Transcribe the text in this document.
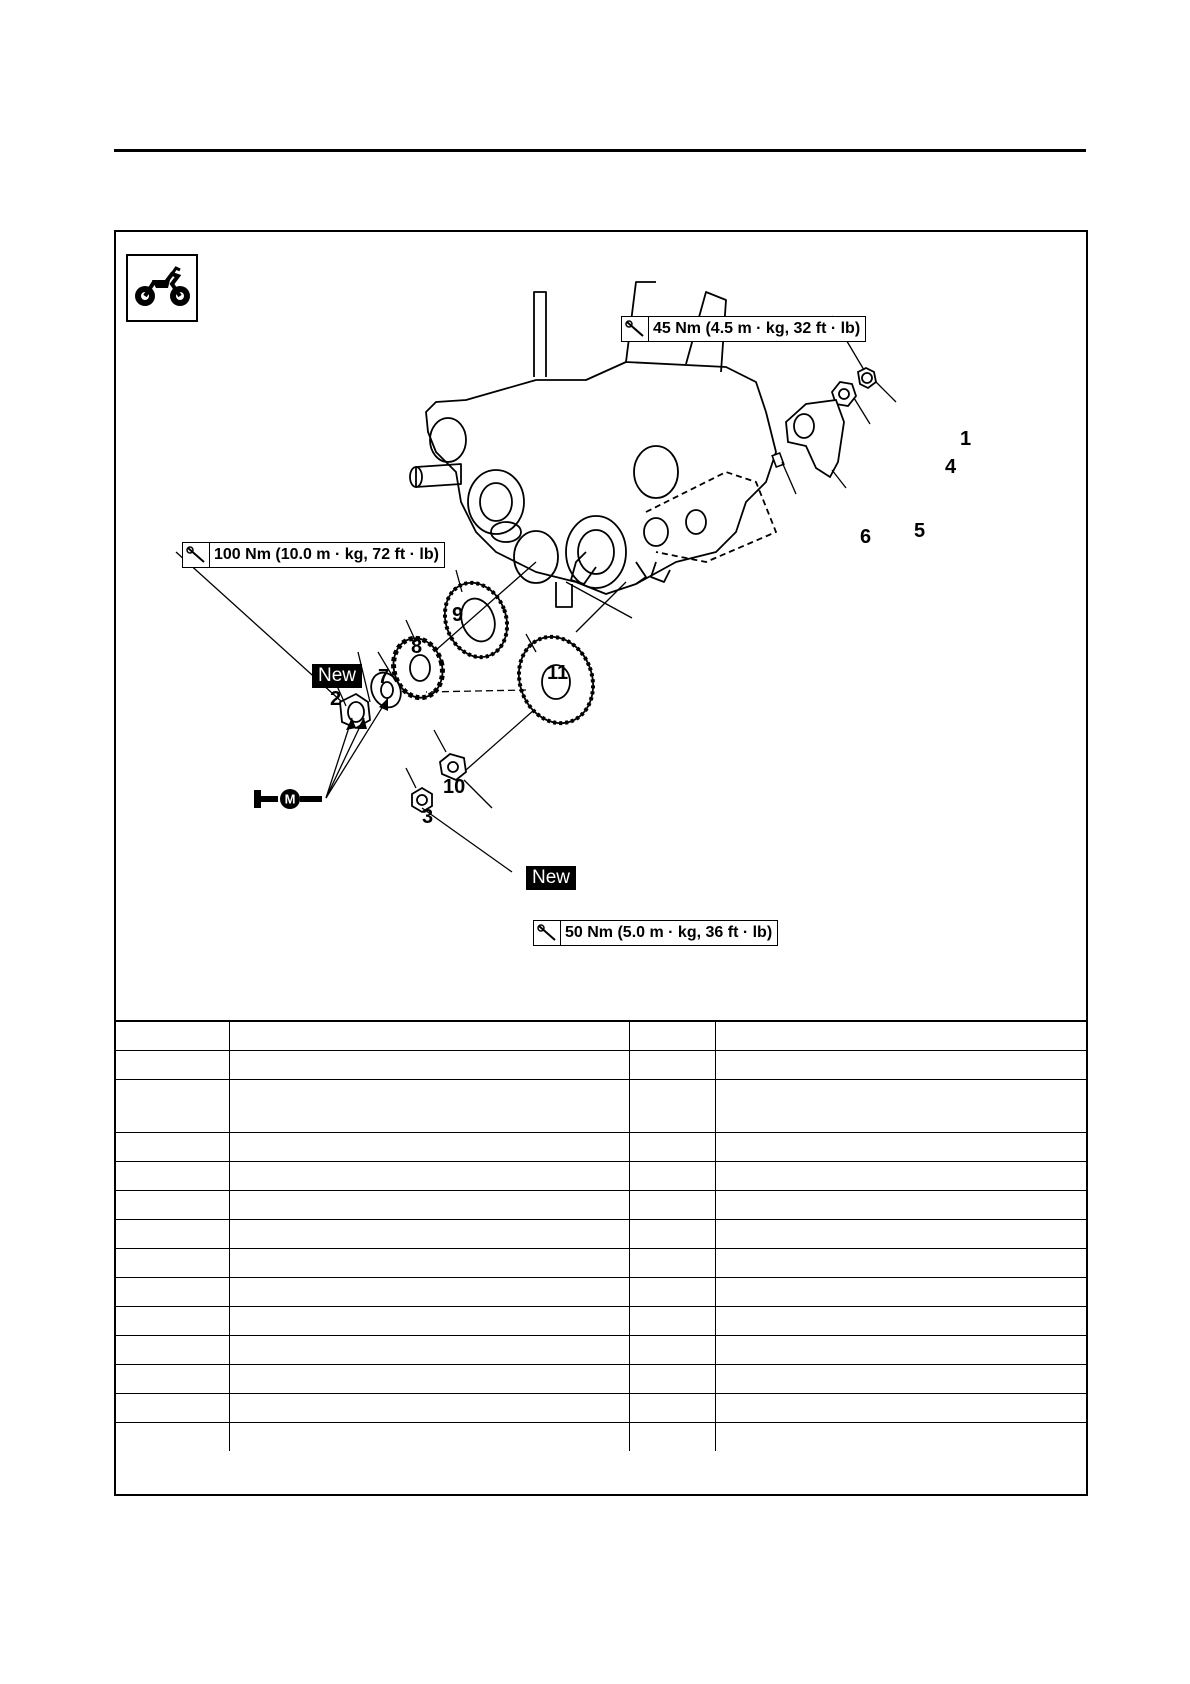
M
45 Nm (4.5 m · kg, 32 ft · lb)
100 Nm (10.0 m · kg, 72 ft · lb)
50 Nm (5.0 m · kg, 36 ft · lb)
1
4
5
6
9
8
7
2
11
10
3
New
New
